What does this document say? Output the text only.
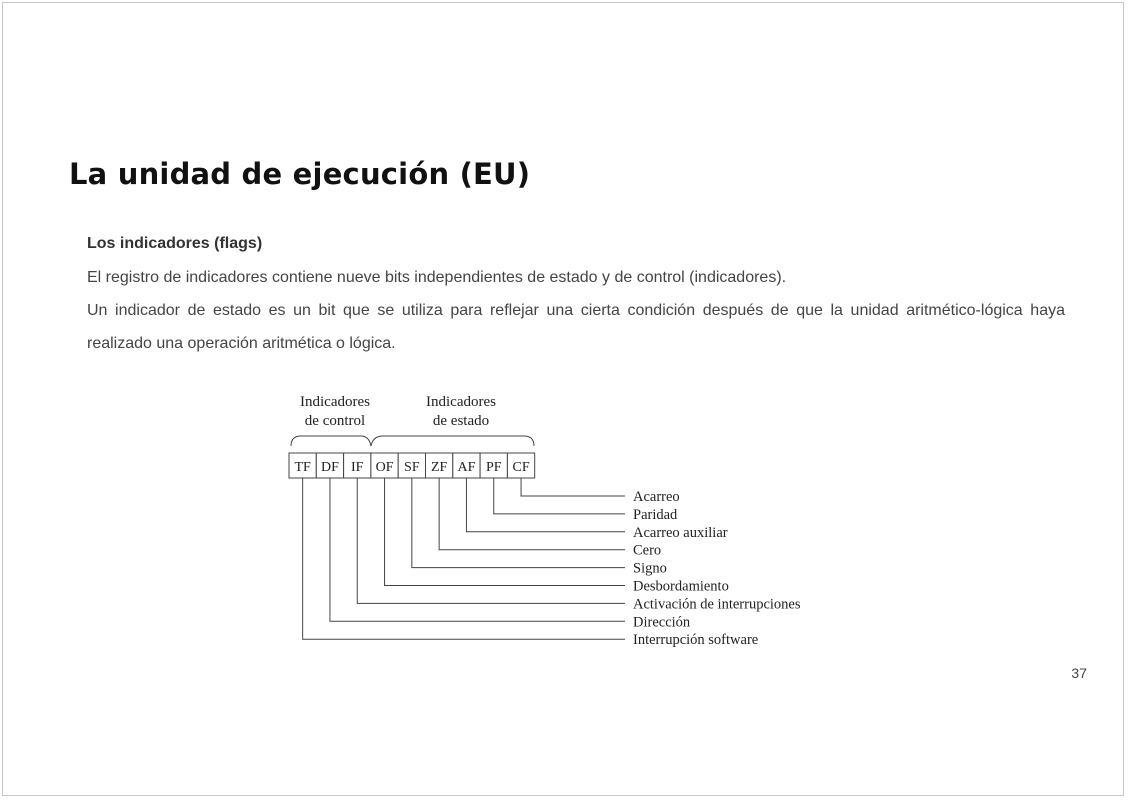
La unidad de ejecución (EU)
Los indicadores (flags)

El registro de indicadores contiene nueve bits independientes de estado y de control (indicadores).

Un indicador de estado es un bit que se utiliza para reflejar una cierta condición después de que la unidad aritmético-lógica haya realizado una operación aritmética o lógica.

37
Indicadores
de control
Indicadores
de estado
TF DF IF OF SF ZF AF PF CF
Acarreo
Paridad
Acarreo auxiliar
Cero
Signo
Desbordamiento
Activación de interrupciones
Dirección
Interrupción software
